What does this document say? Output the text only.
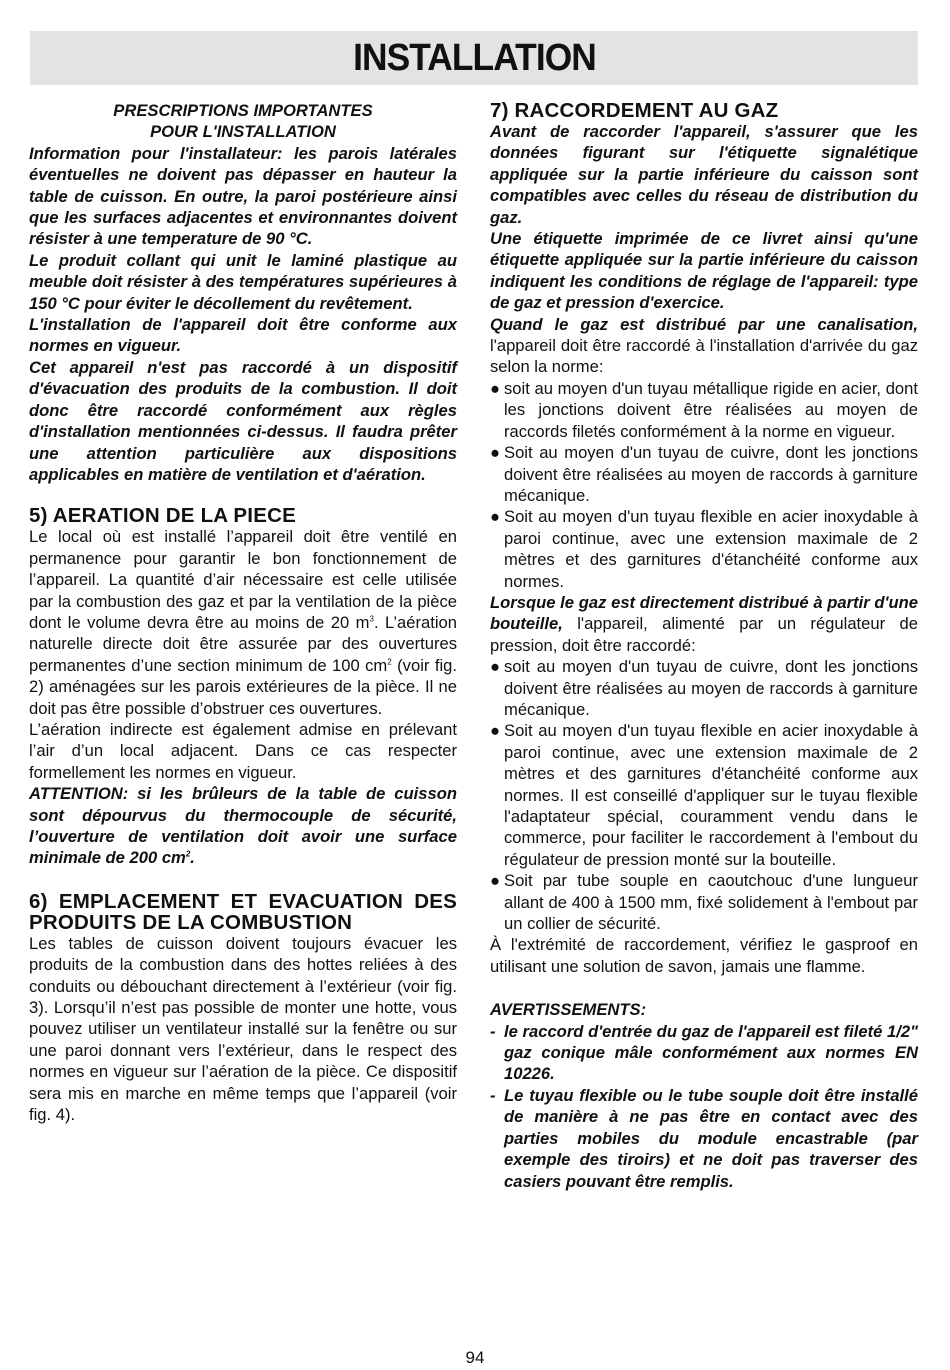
INSTALLATION

PRESCRIPTIONS IMPORTANTES

POUR L'INSTALLATION

Information pour l'installateur: les parois latérales éventuelles ne doivent pas dépasser en hauteur la table de cuisson. En outre, la paroi postérieure ainsi que les surfaces adjacentes et environnantes doivent résister à une temperature de 90 °C.

Le produit collant qui unit le laminé plastique au meuble doit résister à des températures supérieures à 150 °C pour éviter le décollement du revêtement.

L'installation de l'appareil doit être conforme aux normes en vigueur.

Cet appareil n'est pas raccordé à un dispositif d'évacuation des produits de la combustion. Il doit donc être raccordé conformément aux règles d'installation mentionnées ci-dessus. Il faudra prêter une attention particulière aux dispositions applicables en matière de ventilation et d'aération.

5) AERATION DE LA PIECE

Le local où est installé l’appareil doit être ventilé en permanence pour garantir le bon fonctionnement de l’appareil. La quantité d’air nécessaire est celle utilisée par la combustion des gaz et par la ventilation de la pièce dont le volume devra être au moins de 20 $m^3$. L’aération naturelle directe doit être assurée par des ouvertures permanentes d’une section minimum de 100 $cm^2$ (voir fig. 2) aménagées sur les parois extérieures de la pièce. Il ne doit pas être possible d’obstruer ces ouvertures.

L’aération indirecte est également admise en prélevant l’air d’un local adjacent. Dans ce cas respecter formellement les normes en vigueur.

ATTENTION: si les brûleurs de la table de cuisson sont dépourvus du thermocouple de sécurité, l’ouverture de ventilation doit avoir une surface minimale de 200 $cm^2$.

6) EMPLACEMENT ET EVACUATION DES PRODUITS DE LA COMBUSTION

Les tables de cuisson doivent toujours évacuer les produits de la combustion dans des hottes reliées à des conduits ou débouchant directement à l’extérieur (voir fig. 3). Lorsqu’il n’est pas possible de monter une hotte, vous pouvez utiliser un ventilateur installé sur la fenêtre ou sur une paroi donnant vers l’extérieur, dans le respect des normes en vigueur sur l’aération de la pièce. Ce dispositif sera mis en marche en même temps que l’appareil (voir fig. 4).

7) RACCORDEMENT AU GAZ

Avant de raccorder l'appareil, s'assurer que les données figurant sur l'étiquette signalétique appliquée sur la partie inférieure du caisson sont compatibles avec celles du réseau de distribution du gaz.

Une étiquette imprimée de ce livret ainsi qu'une étiquette appliquée sur la partie inférieure du caisson indiquent les conditions de réglage de l'appareil: type de gaz et pression d'exercice.

Quand le gaz est distribué par une canalisation, l'appareil doit être raccordé à l'installation d'arrivée du gaz selon la norme:

● soit au moyen d'un tuyau métallique rigide en acier, dont les jonctions doivent être réalisées au moyen de raccords filetés conformément à la norme en vigueur.
● Soit au moyen d'un tuyau de cuivre, dont les jonctions doivent être réalisées au moyen de raccords à garniture mécanique.
● Soit au moyen d'un tuyau flexible en acier inoxydable à paroi continue, avec une extension maximale de 2 mètres et des garnitures d'étanchéité conforme aux normes.

Lorsque le gaz est directement distribué à partir d'une bouteille, l'appareil, alimenté par un régulateur de pression, doit être raccordé:

● soit au moyen d'un tuyau de cuivre, dont les jonctions doivent être réalisées au moyen de raccords à garniture mécanique.
● Soit au moyen d'un tuyau flexible en acier inoxydable à paroi continue, avec une extension maximale de 2 mètres et des garnitures d'étanchéité conforme aux normes. Il est conseillé d'appliquer sur le tuyau flexible l'adaptateur spécial, couramment vendu dans le commerce, pour faciliter le raccordement à l'embout du régulateur de pression monté sur la bouteille.
● Soit par tube souple en caoutchouc d'une lungueur allant de 400 à 1500 mm, fixé solidement à l'embout par un collier de sécurité.

À l'extrémité de raccordement, vérifiez le gasproof en utilisant une solution de savon, jamais une flamme.

AVERTISSEMENTS:

- le raccord d'entrée du gaz de l'appareil est fileté 1/2" gaz conique mâle conformément aux normes EN 10226.
- Le tuyau flexible ou le tube souple doit être installé de manière à ne pas être en contact avec des parties mobiles du module encastrable (par exemple des tiroirs) et ne doit pas traverser des casiers pouvant être remplis.
94
